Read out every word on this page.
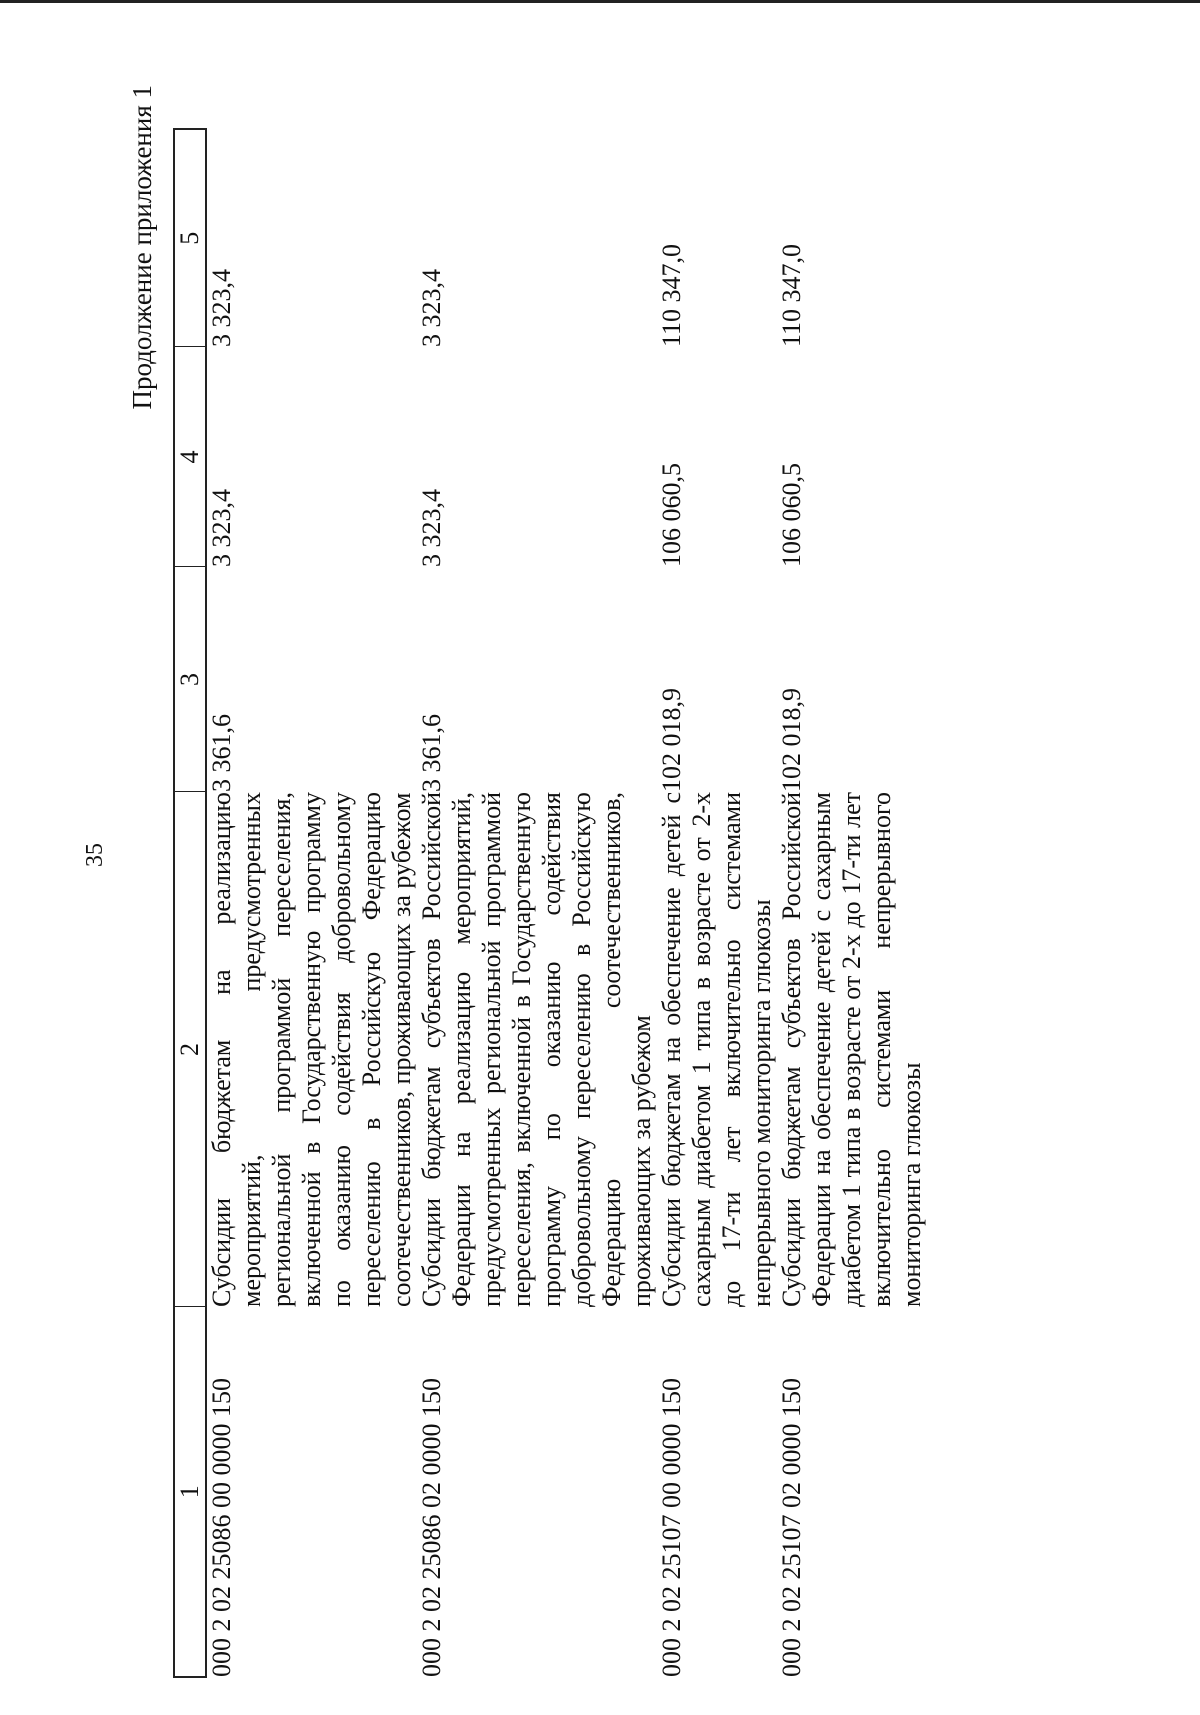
35
Продолжение приложения 1
1	2	3	4	5
000 2 02 25086 00 0000 150	Субсидии бюджетам на реализацию мероприятий, предусмотренных региональной программой переселения, включенной в Государственную программу по оказанию содействия добровольному переселению в Российскую Федерацию соотечественников, проживающих за рубежом	3 361,6	3 323,4	3 323,4
000 2 02 25086 02 0000 150	Субсидии бюджетам субъектов Российской Федерации на реализацию мероприятий, предусмотренных региональной программой переселения, включенной в Государственную программу по оказанию содействия добровольному переселению в Российскую Федерацию соотечественников, проживающих за рубежом	3 361,6	3 323,4	3 323,4
000 2 02 25107 00 0000 150	Субсидии бюджетам на обеспечение детей с сахарным диабетом 1 типа в возрасте от 2-х до 17-ти лет включительно системами непрерывного мониторинга глюкозы	102 018,9	106 060,5	110 347,0
000 2 02 25107 02 0000 150	Субсидии бюджетам субъектов Российской Федерации на обеспечение детей с сахарным диабетом 1 типа в возрасте от 2-х до 17-ти лет включительно системами непрерывного мониторинга глюкозы	102 018,9	106 060,5	110 347,0
